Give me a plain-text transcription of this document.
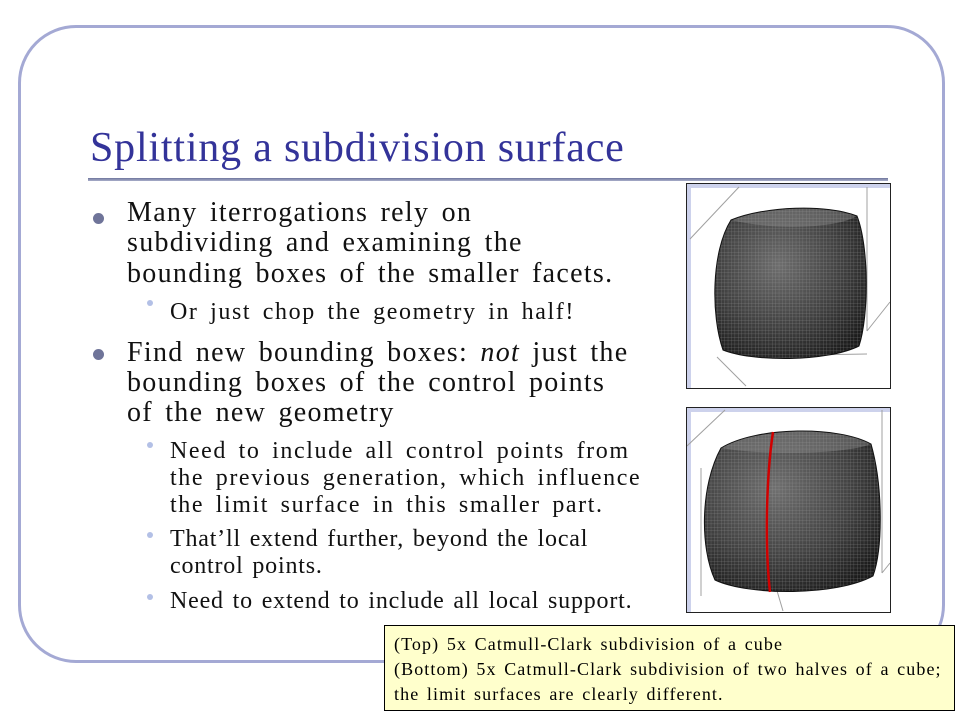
Splitting a subdivision surface
Many iterrogations rely on
subdividing and examining the
bounding boxes of the smaller facets.
Or just chop the geometry in half!
Find new bounding boxes: not just the
bounding boxes of the control points
of the new geometry
Need to include all control points from
the previous generation, which influence
the limit surface in this smaller part.
That’ll extend further, beyond the local
control points.
Need to extend to include all local support.
(Top) 5x Catmull-Clark subdivision of a cube
(Bottom) 5x Catmull-Clark subdivision of two halves of a cube;
the limit surfaces are clearly different.
